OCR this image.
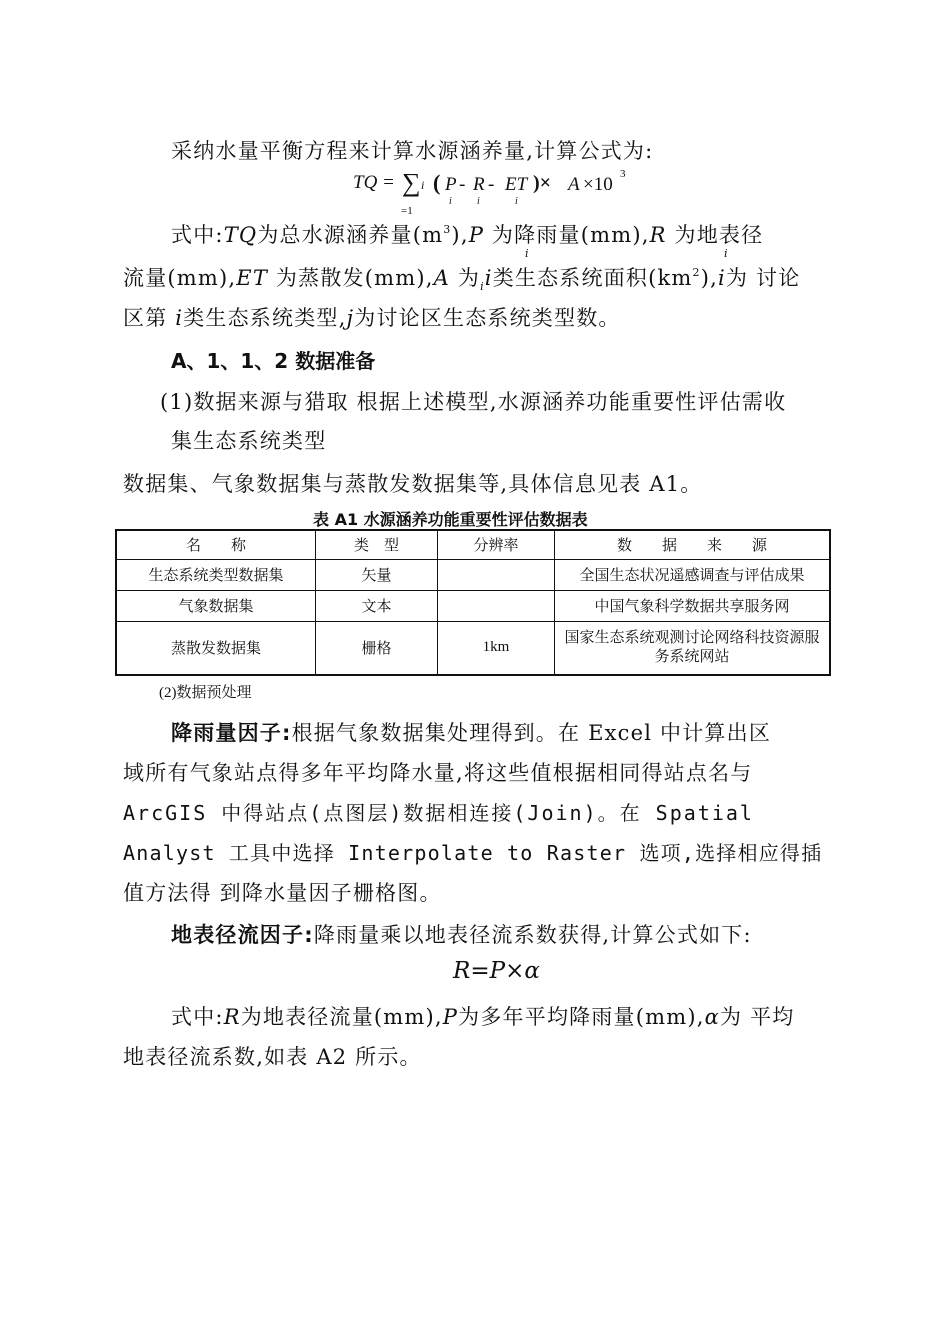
采纳水量平衡方程来计算水源涵养量,计算公式为:
TQ = ∑ i
=1
( P - R - ET )× A ×10 3
i	i	i
式中:TQ为总水源涵养量$(m^3),P$ 为降雨量(mm),R 为地表径
i	i
流量(mm),ET 为蒸散发(mm),A 为$_i$i类生态系统面积$(km^2),i$为 讨论
区第 i类生态系统类型,j为讨论区生态系统类型数。
A、1、1、2 数据准备
(1)数据来源与猎取 根据上述模型,水源涵养功能重要性评估需收
集生态系统类型
数据集、气象数据集与蒸散发数据集等,具体信息见表 A1。
表 A1 水源涵养功能重要性评估数据表
名　　称	类　型	分辨率	数　　据　　来　　源
生态系统类型数据集	矢量		全国生态状况遥感调查与评估成果
气象数据集	文本		中国气象科学数据共享服务网
蒸散发数据集	栅格	1km	国家生态系统观测讨论网络科技资源服务系统网站
(2)数据预处理
降雨量因子:根据气象数据集处理得到。在 Excel 中计算出区
域所有气象站点得多年平均降水量,将这些值根据相同得站点名与
ArcGIS 中得站点(点图层)数据相连接(Join)。在 Spatial
Analyst 工具中选择 Interpolate to Raster 选项,选择相应得插
值方法得 到降水量因子栅格图。
地表径流因子:降雨量乘以地表径流系数获得,计算公式如下:
R=P×α
式中:R为地表径流量(mm),P为多年平均降雨量(mm),α为 平均
地表径流系数,如表 A2 所示。
